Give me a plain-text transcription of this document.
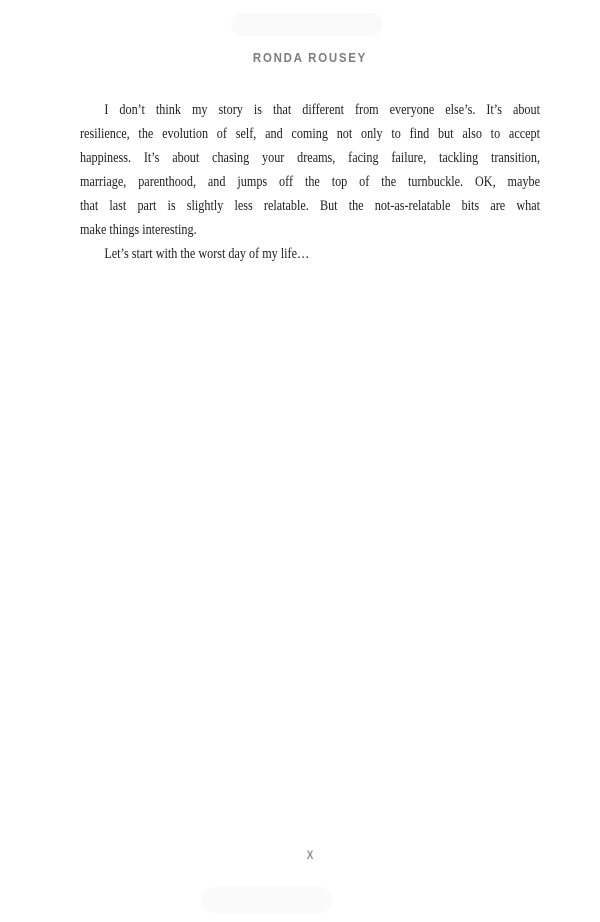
RONDA ROUSEY
I don’t think my story is that different from everyone else’s. It’s about
resilience, the evolution of self, and coming not only to find but also to accept
happiness. It’s about chasing your dreams, facing failure, tackling transition,
marriage, parenthood, and jumps off the top of the turnbuckle. OK, maybe
that last part is slightly less relatable. But the not-as-relatable bits are what
make things interesting.
Let’s start with the worst day of my life…
X
